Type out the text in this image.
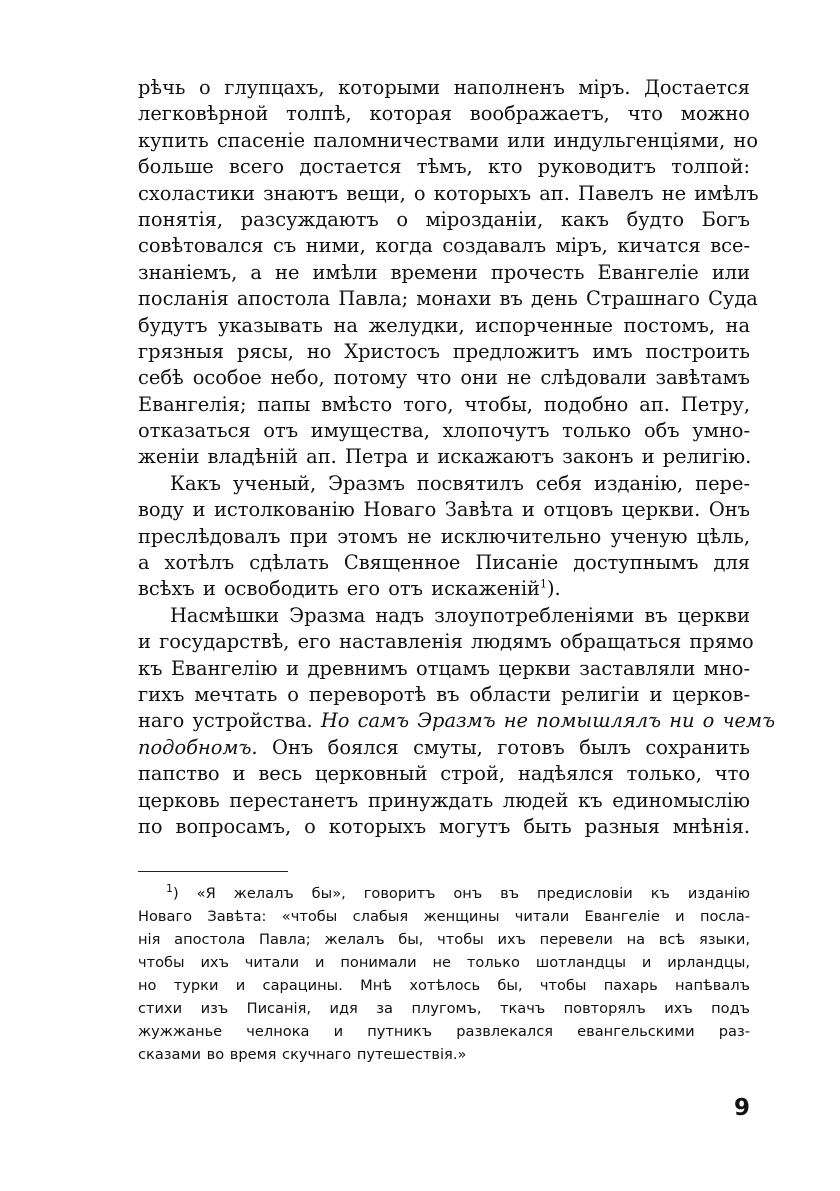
рѣчь о глупцахъ, которыми наполненъ міръ. Достается
легковѣрной толпѣ, которая воображаетъ, что можно
купить спасеніе паломничествами или индульгенціями, но
больше всего достается тѣмъ, кто руководитъ толпой:
схоластики знаютъ вещи, о которыхъ ап. Павелъ не имѣлъ
понятія, разсуждаютъ о мірозданіи, какъ будто Богъ
совѣтовался съ ними, когда создавалъ міръ, кичатся все-
знаніемъ, а не имѣли времени прочесть Евангеліе или
посланія апостола Павла; монахи въ день Страшнаго Суда
будутъ указывать на желудки, испорченные постомъ, на
грязныя рясы, но Христосъ предложитъ имъ построить
себѣ особое небо, потому что они не слѣдовали завѣтамъ
Евангелія; папы вмѣсто того, чтобы, подобно ап. Петру,
отказаться отъ имущества, хлопочутъ только объ умно-
женіи владѣній ап. Петра и искажаютъ законъ и религію.
Какъ ученый, Эразмъ посвятилъ себя изданію, пере-
воду и истолкованію Новаго Завѣта и отцовъ церкви. Онъ
преслѣдовалъ при этомъ не исключительно ученую цѣль,
а хотѣлъ сдѣлать Священное Писаніе доступнымъ для
всѣхъ и освободить его отъ искаженій$^1$).
Насмѣшки Эразма надъ злоупотребленіями въ церкви
и государствѣ, его наставленія людямъ обращаться прямо
къ Евангелію и древнимъ отцамъ церкви заставляли мно-
гихъ мечтать о переворотѣ въ области религіи и церков-
наго устройства. Но самъ Эразмъ не помышлялъ ни о чемъ
подобномъ. Онъ боялся смуты, готовъ былъ сохранить
папство и весь церковный строй, надѣялся только, что
церковь перестанетъ принуждать людей къ единомыслію
по вопросамъ, о которыхъ могутъ быть разныя мнѣнія.
$^1$) «Я желалъ бы», говоритъ онъ въ предисловіи къ изданію
Новаго Завѣта: «чтобы слабыя женщины читали Евангеліе и посла-
нія апостола Павла; желалъ бы, чтобы ихъ перевели на всѣ языки,
чтобы ихъ читали и понимали не только шотландцы и ирландцы,
но турки и сарацины. Мнѣ хотѣлось бы, чтобы пахарь напѣвалъ
стихи изъ Писанія, идя за плугомъ, ткачъ повторялъ ихъ подъ
жужжанье челнока и путникъ развлекался евангельскими раз-
сказами во время скучнаго путешествія.»
9
